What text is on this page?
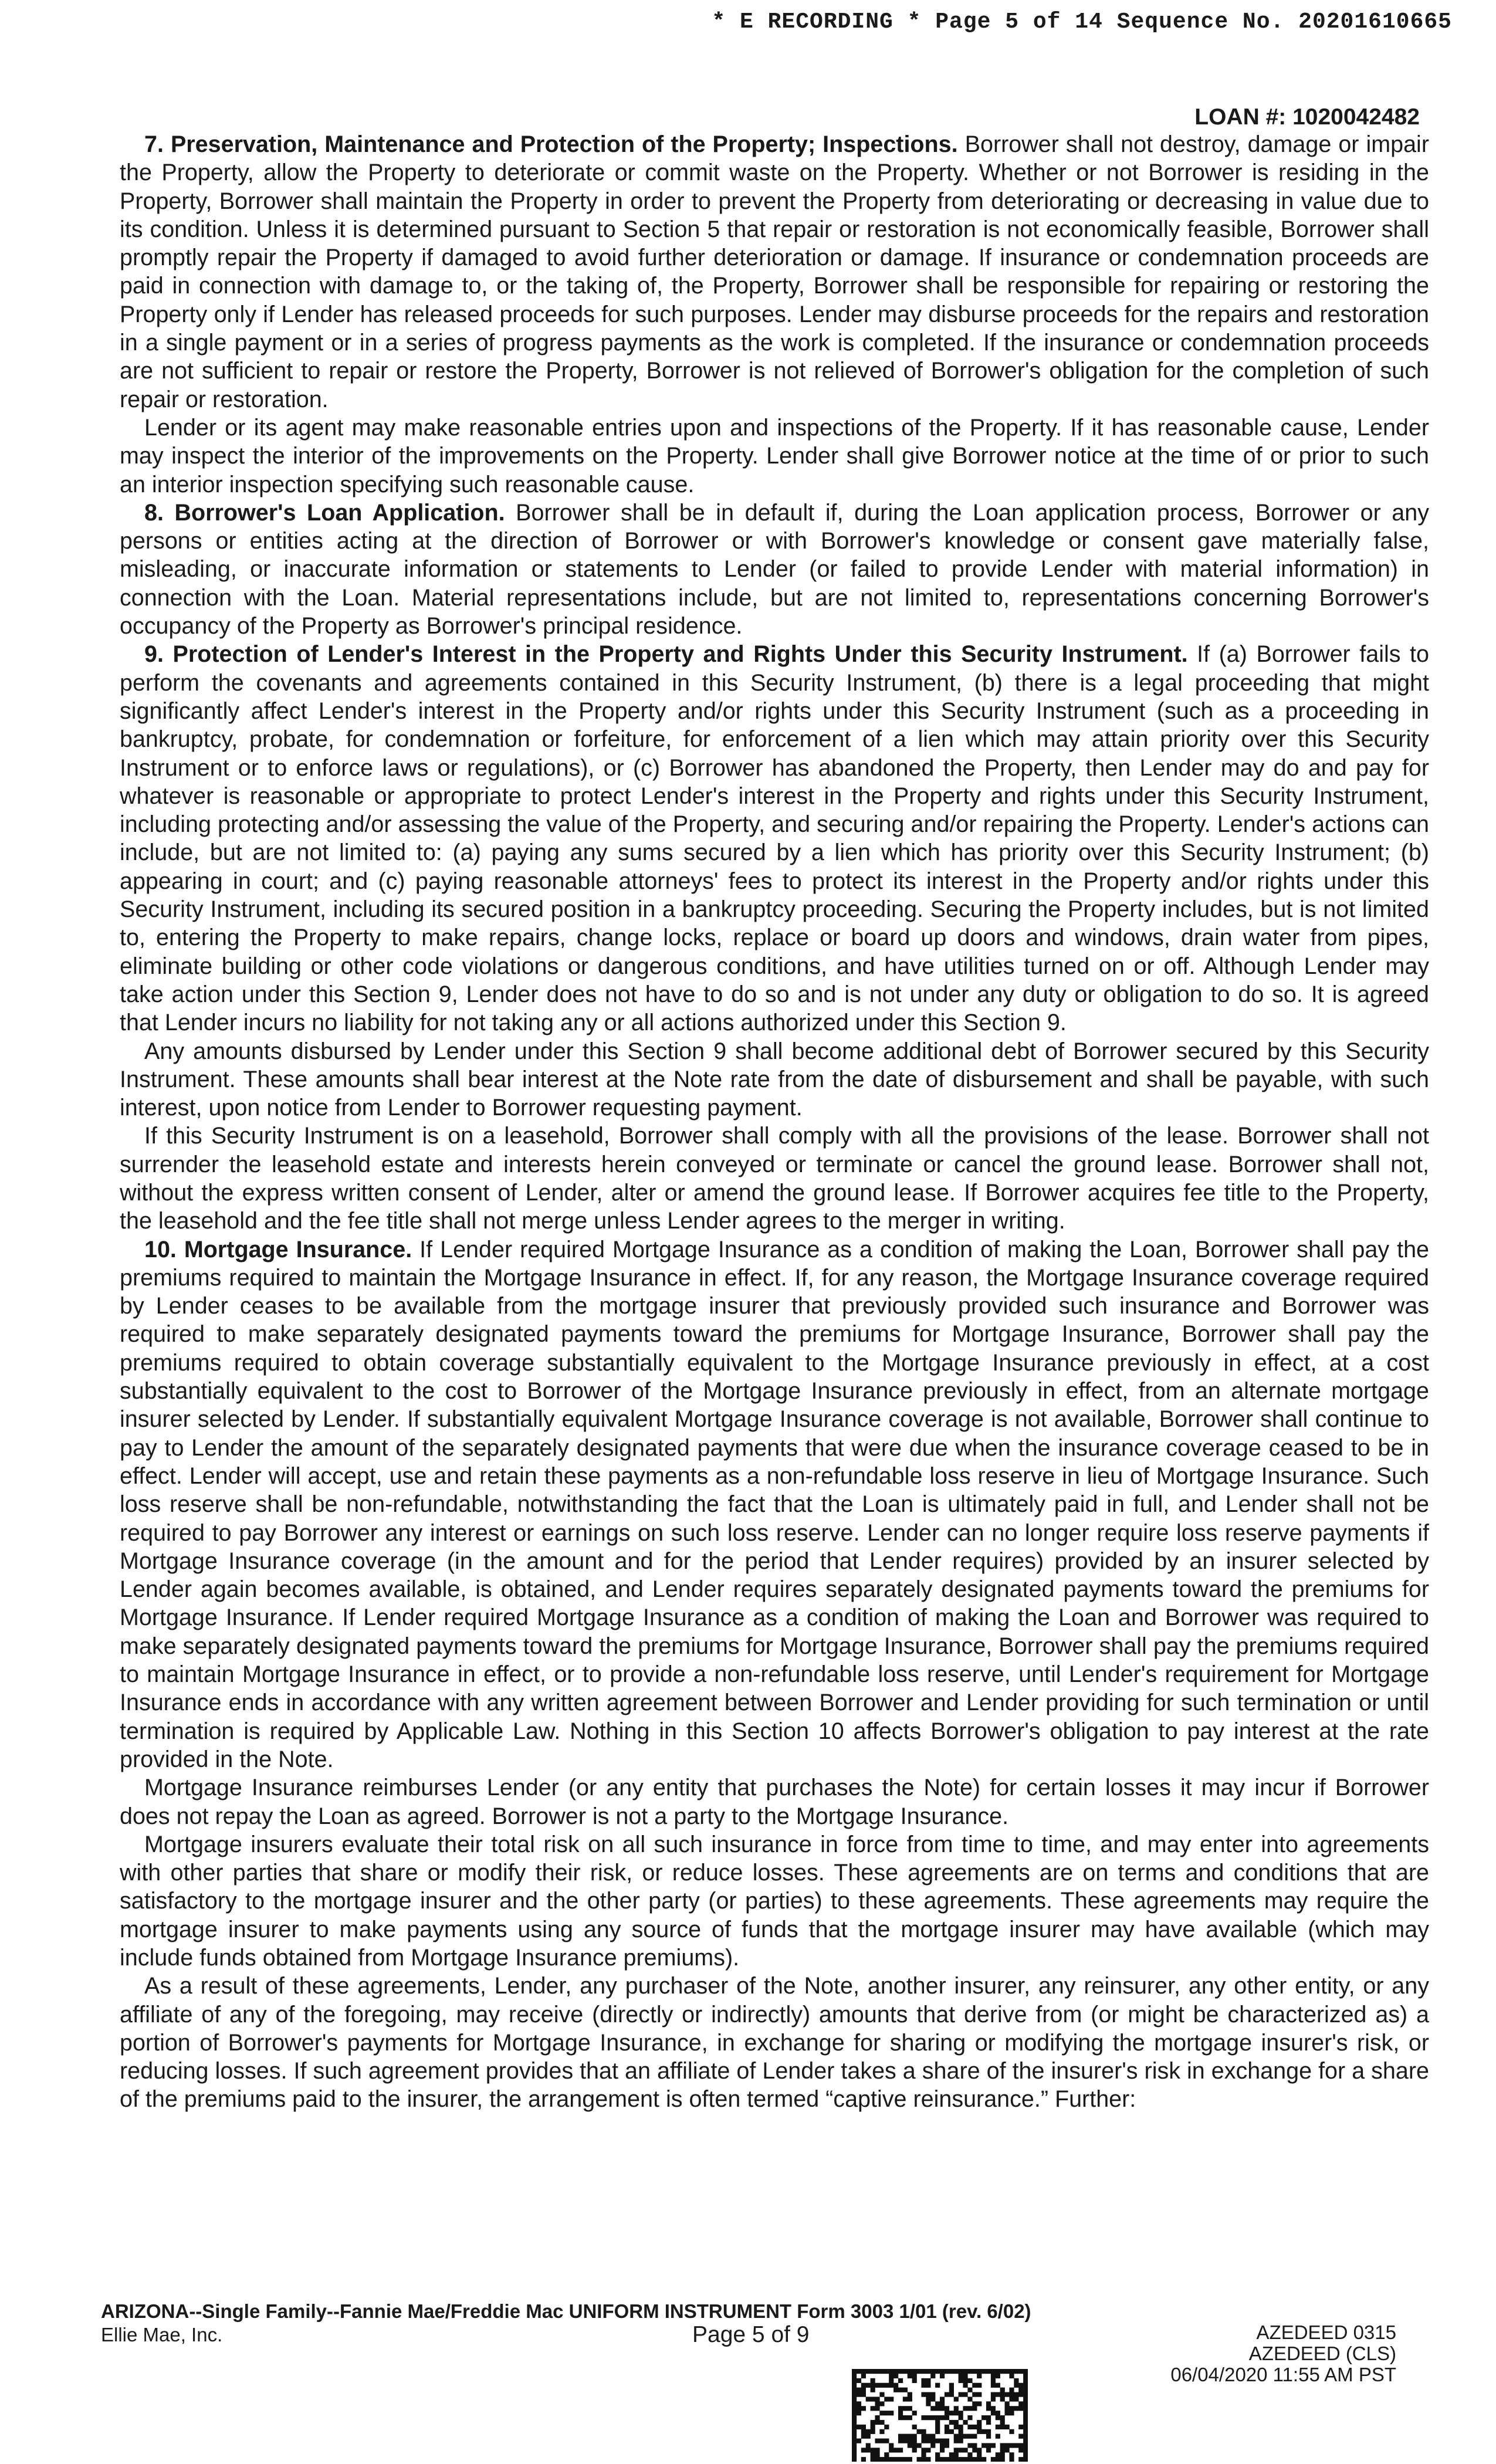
* E RECORDING * Page 5 of 14 Sequence No. 20201610665
LOAN #: 1020042482

7. Preservation, Maintenance and Protection of the Property; Inspections. Borrower shall not destroy, damage or impair the Property, allow the Property to deteriorate or commit waste on the Property. Whether or not Borrower is residing in the Property, Borrower shall maintain the Property in order to prevent the Property from deteriorating or decreasing in value due to its condition. Unless it is determined pursuant to Section 5 that repair or restoration is not economically feasible, Borrower shall promptly repair the Property if damaged to avoid further deterioration or damage. If insurance or condemnation proceeds are paid in connection with damage to, or the taking of, the Property, Borrower shall be responsible for repairing or restoring the Property only if Lender has released proceeds for such purposes. Lender may disburse proceeds for the repairs and restoration in a single payment or in a series of progress payments as the work is completed. If the insurance or condemnation proceeds are not sufficient to repair or restore the Property, Borrower is not relieved of Borrower's obligation for the completion of such repair or restoration.

Lender or its agent may make reasonable entries upon and inspections of the Property. If it has reasonable cause, Lender may inspect the interior of the improvements on the Property. Lender shall give Borrower notice at the time of or prior to such an interior inspection specifying such reasonable cause.

8. Borrower's Loan Application. Borrower shall be in default if, during the Loan application process, Borrower or any persons or entities acting at the direction of Borrower or with Borrower's knowledge or consent gave materially false, misleading, or inaccurate information or statements to Lender (or failed to provide Lender with material information) in connection with the Loan. Material representations include, but are not limited to, representations concerning Borrower's occupancy of the Property as Borrower's principal residence.

9. Protection of Lender's Interest in the Property and Rights Under this Security Instrument. If (a) Borrower fails to perform the covenants and agreements contained in this Security Instrument, (b) there is a legal proceeding that might significantly affect Lender's interest in the Property and/or rights under this Security Instrument (such as a proceeding in bankruptcy, probate, for condemnation or forfeiture, for enforcement of a lien which may attain priority over this Security Instrument or to enforce laws or regulations), or (c) Borrower has abandoned the Property, then Lender may do and pay for whatever is reasonable or appropriate to protect Lender's interest in the Property and rights under this Security Instrument, including protecting and/or assessing the value of the Property, and securing and/or repairing the Property. Lender's actions can include, but are not limited to: (a) paying any sums secured by a lien which has priority over this Security Instrument; (b) appearing in court; and (c) paying reasonable attorneys' fees to protect its interest in the Property and/or rights under this Security Instrument, including its secured position in a bankruptcy proceeding. Securing the Property includes, but is not limited to, entering the Property to make repairs, change locks, replace or board up doors and windows, drain water from pipes, eliminate building or other code violations or dangerous conditions, and have utilities turned on or off. Although Lender may take action under this Section 9, Lender does not have to do so and is not under any duty or obligation to do so. It is agreed that Lender incurs no liability for not taking any or all actions authorized under this Section 9.

Any amounts disbursed by Lender under this Section 9 shall become additional debt of Borrower secured by this Security Instrument. These amounts shall bear interest at the Note rate from the date of disbursement and shall be payable, with such interest, upon notice from Lender to Borrower requesting payment.

If this Security Instrument is on a leasehold, Borrower shall comply with all the provisions of the lease. Borrower shall not surrender the leasehold estate and interests herein conveyed or terminate or cancel the ground lease. Borrower shall not, without the express written consent of Lender, alter or amend the ground lease. If Borrower acquires fee title to the Property, the leasehold and the fee title shall not merge unless Lender agrees to the merger in writing.

10. Mortgage Insurance. If Lender required Mortgage Insurance as a condition of making the Loan, Borrower shall pay the premiums required to maintain the Mortgage Insurance in effect. If, for any reason, the Mortgage Insurance coverage required by Lender ceases to be available from the mortgage insurer that previously provided such insurance and Borrower was required to make separately designated payments toward the premiums for Mortgage Insurance, Borrower shall pay the premiums required to obtain coverage substantially equivalent to the Mortgage Insurance previously in effect, at a cost substantially equivalent to the cost to Borrower of the Mortgage Insurance previously in effect, from an alternate mortgage insurer selected by Lender. If substantially equivalent Mortgage Insurance coverage is not available, Borrower shall continue to pay to Lender the amount of the separately designated payments that were due when the insurance coverage ceased to be in effect. Lender will accept, use and retain these payments as a non-refundable loss reserve in lieu of Mortgage Insurance. Such loss reserve shall be non-refundable, notwithstanding the fact that the Loan is ultimately paid in full, and Lender shall not be required to pay Borrower any interest or earnings on such loss reserve. Lender can no longer require loss reserve payments if Mortgage Insurance coverage (in the amount and for the period that Lender requires) provided by an insurer selected by Lender again becomes available, is obtained, and Lender requires separately designated payments toward the premiums for Mortgage Insurance. If Lender required Mortgage Insurance as a condition of making the Loan and Borrower was required to make separately designated payments toward the premiums for Mortgage Insurance, Borrower shall pay the premiums required to maintain Mortgage Insurance in effect, or to provide a non-refundable loss reserve, until Lender's requirement for Mortgage Insurance ends in accordance with any written agreement between Borrower and Lender providing for such termination or until termination is required by Applicable Law. Nothing in this Section 10 affects Borrower's obligation to pay interest at the rate provided in the Note.

Mortgage Insurance reimburses Lender (or any entity that purchases the Note) for certain losses it may incur if Borrower does not repay the Loan as agreed. Borrower is not a party to the Mortgage Insurance.

Mortgage insurers evaluate their total risk on all such insurance in force from time to time, and may enter into agreements with other parties that share or modify their risk, or reduce losses. These agreements are on terms and conditions that are satisfactory to the mortgage insurer and the other party (or parties) to these agreements. These agreements may require the mortgage insurer to make payments using any source of funds that the mortgage insurer may have available (which may include funds obtained from Mortgage Insurance premiums).

As a result of these agreements, Lender, any purchaser of the Note, another insurer, any reinsurer, any other entity, or any affiliate of any of the foregoing, may receive (directly or indirectly) amounts that derive from (or might be characterized as) a portion of Borrower's payments for Mortgage Insurance, in exchange for sharing or modifying the mortgage insurer's risk, or reducing losses. If such agreement provides that an affiliate of Lender takes a share of the insurer's risk in exchange for a share of the premiums paid to the insurer, the arrangement is often termed “captive reinsurance.” Further:

ARIZONA--Single Family--Fannie Mae/Freddie Mac UNIFORM INSTRUMENT Form 3003 1/01 (rev. 6/02)
Ellie Mae, Inc.	Page 5 of 9	AZEDEED 0315
AZEDEED (CLS)
06/04/2020 11:55 AM PST
